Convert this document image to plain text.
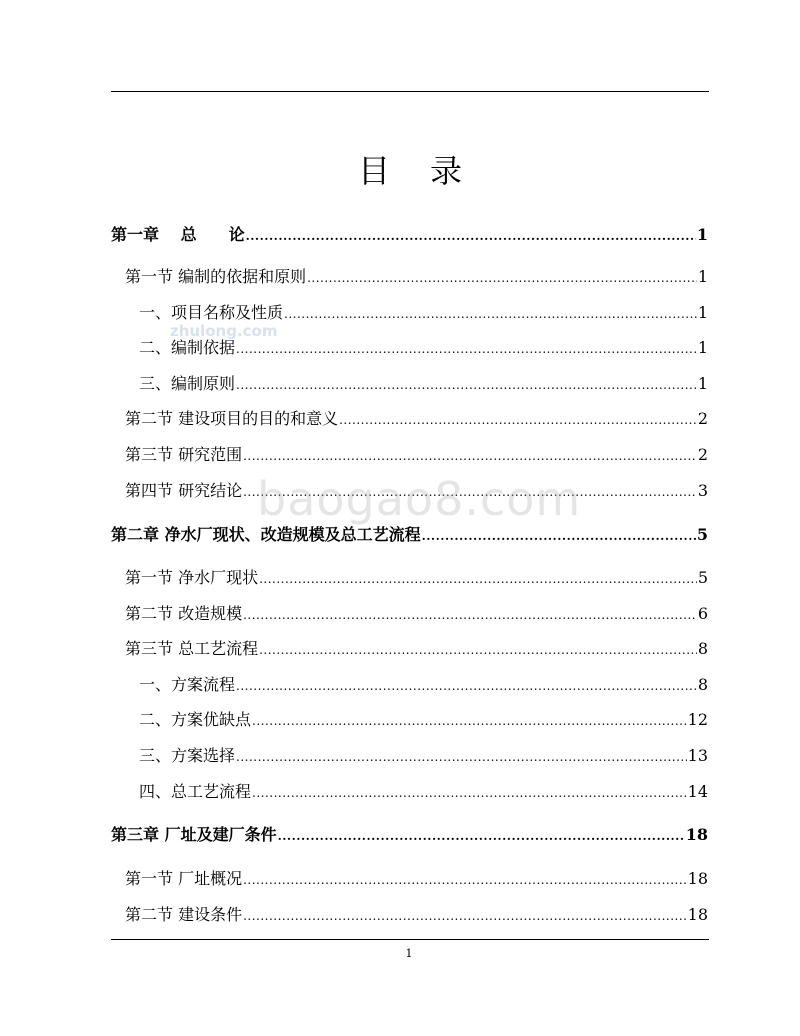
目 录
zhulong.com
第一章　 总　　论 .....	1
第一节 编制的依据和原则 .....	1
一、项目名称及性质 .....	1
二、编制依据 .....	1
三、编制原则 .....	1
第二节 建设项目的目的和意义 .....	2
第三节 研究范围 .....	2
第四节 研究结论 .....	3
第二章 净水厂现状、改造规模及总工艺流程 .....	5
第一节 净水厂现状 .....	5
第二节 改造规模 .....	6
第三节 总工艺流程 .....	8
一、方案流程 .....	8
二、方案优缺点 .....	12
三、方案选择 .....	13
四、总工艺流程 .....	14
第三章 厂址及建厂条件 .....	18
第一节 厂址概况 .....	18
第二节 建设条件 .....	18
baogao8.com
1
